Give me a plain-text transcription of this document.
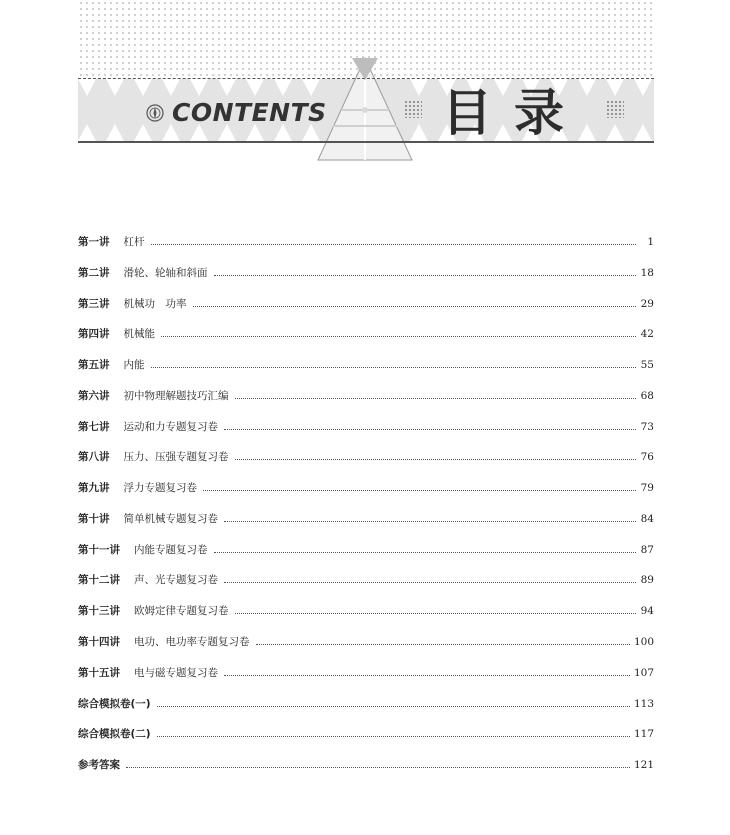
CONTENTS 目录
第一讲 杠杆	1
第二讲 滑轮、轮轴和斜面	18
第三讲 机械功　功率	29
第四讲 机械能	42
第五讲 内能	55
第六讲 初中物理解题技巧汇编	68
第七讲 运动和力专题复习卷	73
第八讲 压力、压强专题复习卷	76
第九讲 浮力专题复习卷	79
第十讲 简单机械专题复习卷	84
第十一讲 内能专题复习卷	87
第十二讲 声、光专题复习卷	89
第十三讲 欧姆定律专题复习卷	94
第十四讲 电功、电功率专题复习卷	100
第十五讲 电与磁专题复习卷	107
综合模拟卷(一)	113
综合模拟卷(二)	117
参考答案	121
